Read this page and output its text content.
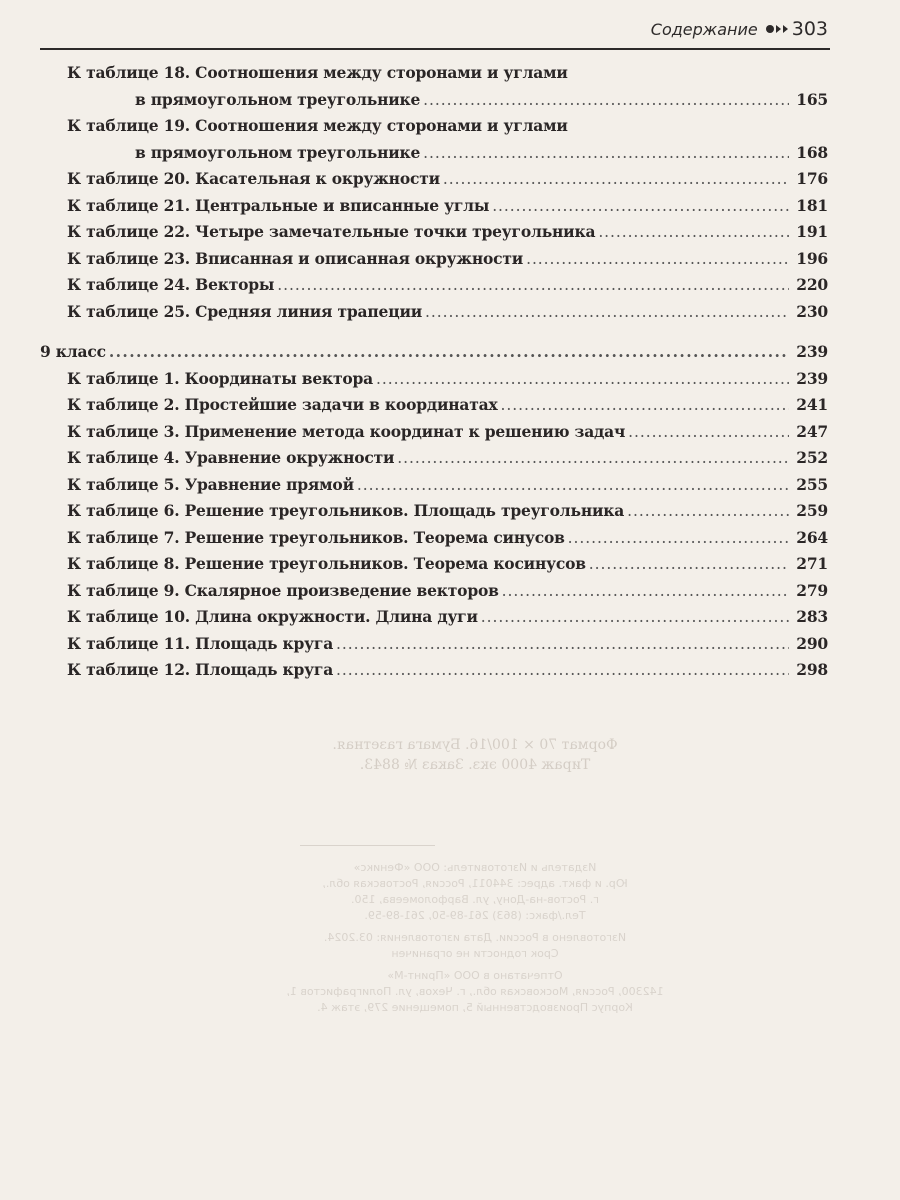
Формат 70 × 100/16. Бумага газетная.
Тираж 4000 экз. Заказ № 8843.
Издатель и Изготовитель: ООО «Феникс»
Юр. и факт. адрес: 344011, Россия, Ростовская обл.,
г. Ростов-на-Дону, ул. Варфоломеева, 150.
Тел./факс: (863) 261-89-50, 261-89-59.
Изготовлено в России. Дата изготовления: 03.2024.
Срок годности не ограничен
Отпечатано в ООО «Принт-М»
142300, Россия, Московская обл., г. Чехов, ул. Полиграфистов 1,
Корпус Производственный 5, помещение 279, этаж 4.
Содержание 303
К таблице 18. Соотношения между сторонами и углами
в прямоугольном треугольнике . . .	165
К таблице 19. Соотношения между сторонами и углами
в прямоугольном треугольнике . . .	168
К таблице 20. Касательная к окружности . . .	176
К таблице 21. Центральные и вписанные углы . . .	181
К таблице 22. Четыре замечательные точки треугольника . . .	191
К таблице 23. Вписанная и описанная окружности . . .	196
К таблице 24. Векторы . . .	220
К таблице 25. Средняя линия трапеции . . .	230
9 класс . . .	239
К таблице 1. Координаты вектора . . .	239
К таблице 2. Простейшие задачи в координатах . . .	241
К таблице 3. Применение метода координат к решению задач . . .	247
К таблице 4. Уравнение окружности . . .	252
К таблице 5. Уравнение прямой . . .	255
К таблице 6. Решение треугольников. Площадь треугольника . . .	259
К таблице 7. Решение треугольников. Теорема синусов . . .	264
К таблице 8. Решение треугольников. Теорема косинусов . . .	271
К таблице 9. Скалярное произведение векторов . . .	279
К таблице 10. Длина окружности. Длина дуги . . .	283
К таблице 11. Площадь круга . . .	290
К таблице 12. Площадь круга . . .	298
